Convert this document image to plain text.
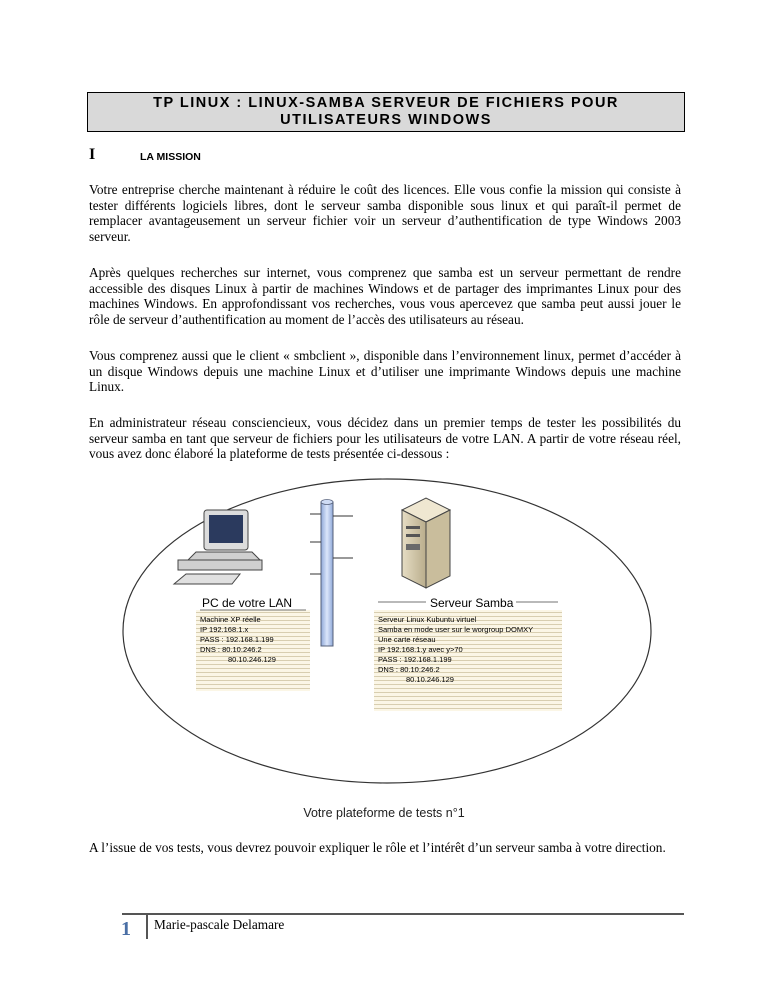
TP LINUX : LINUX-SAMBA SERVEUR DE FICHIERS POUR
UTILISATEURS WINDOWS
I	LA MISSION

Votre entreprise cherche maintenant à réduire le coût des licences. Elle vous confie la mission qui consiste à tester différents logiciels libres, dont le serveur samba disponible sous linux et qui paraît-il permet de remplacer avantageusement un serveur fichier voir un serveur d’authentification de type Windows 2003 serveur.

Après quelques recherches sur internet, vous comprenez que samba est un serveur permettant de rendre accessible des disques Linux à partir de machines Windows et de partager des imprimantes Linux pour des machines Windows. En approfondissant vos recherches, vous vous apercevez que samba peut aussi jouer le rôle de serveur d’authentification au moment de l’accès des utilisateurs au réseau.

Vous comprenez aussi que le client « smbclient », disponible dans l’environnement linux, permet d’accéder à un disque Windows depuis une machine Linux et d’utiliser une imprimante Windows depuis une machine Linux.

En administrateur réseau consciencieux, vous décidez dans un premier temps de tester les possibilités du serveur samba en tant que serveur de fichiers pour les utilisateurs de votre LAN. A partir de votre réseau réel, vous avez donc élaboré la plateforme de tests présentée ci-dessous :

PC de votre LAN
Machine XP réelle
IP 192.168.1.x
PASS : 192.168.1.199
DNS : 80.10.246.2
80.10.246.129
Serveur Samba
Serveur Linux Kubuntu virtuel
Samba en mode user sur le worgroup DOMXY
Une carte réseau
IP 192.168.1.y avec y>70
PASS : 192.168.1.199
DNS : 80.10.246.2
80.10.246.129
Votre plateforme de tests n°1

A l’issue de vos tests, vous devrez pouvoir expliquer le rôle et l’intérêt d’un serveur samba à votre direction.

1 Marie-pascale Delamare
